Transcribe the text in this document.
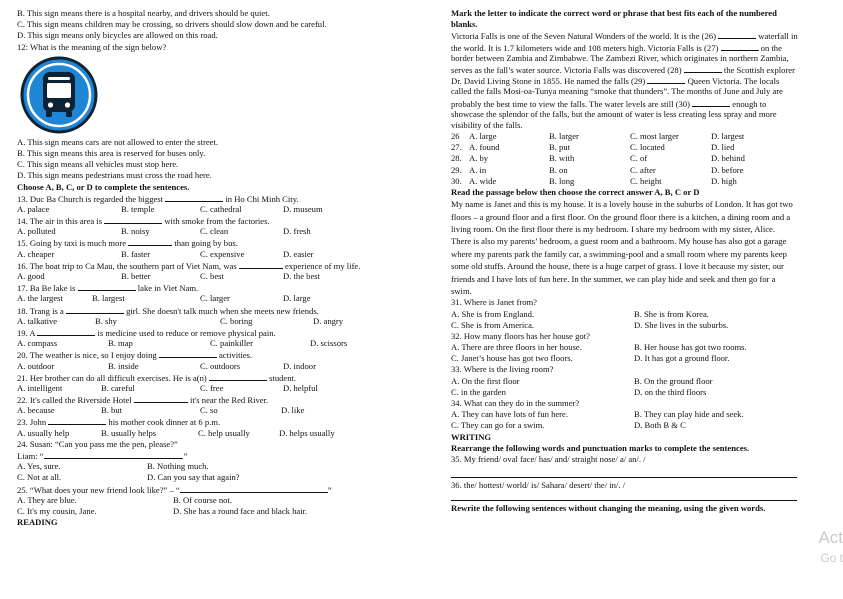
B. This sign means there is a hospital nearby, and drivers should be quiet.
C. This sign means children may be crossing, so drivers should slow down and be careful.
D. This sign means only bicycles are allowed on this road.
12: What is the meaning of the sign below?
A. This sign means cars are not allowed to enter the street.
B. This sign means this area is reserved for buses only.
C. This sign means all vehicles must stop here.
D. This sign means pedestrians must cross the road here.
Choose A, B, C, or D to complete the sentences.
13. Duc Ba Church is regarded the biggest	in Ho Chi Minh City.
A. palace	B. temple	C. cathedral	D. museum
14. The air in this area is	with smoke from the factories.
A. polluted	B. noisy	C. clean	D. fresh
15. Going by taxi is much more	than going by bus.
A. cheaper	B. faster	C. expensive	D. easier
16. The boat trip to Ca Mau, the southern part of Viet Nam, was	experience of my life.
A. good	B. better	C. best	D. the best
17. Ba Be lake is	lake in Viet Nam.
A. the largest	B. largest	C. larger	D. large
18. Trang is a	girl. She doesn't talk much when she meets new friends.
A. talkative	B. shy	C. boring	D. angry
19. A	is medicine used to reduce or remove physical pain.
A. compass	B. map	C. painkiller	D. scissors
20. The weather is nice, so I enjoy doing	activities.
A. outdoor	B. inside	C. outdoors	D. indoor
21. Her brother can do all difficult exercises. He is a(n)	student.
A. intelligent	B. careful	C. free	D. helpful
22. It's called the Riverside Hotel	it's near the Red River.
A. because	B. but	C. so	D. like
23. John	his mother cook dinner at 6 p.m.
A. usually help	B. usually helps	C. help usually	D. helps usually
24. Susan: “Can you pass me the pen, please?”
Liam: “	.”
A. Yes, sure.	B. Nothing much.
C. Not at all.	D. Can you say that again?
25. “What does your new friend look like?” – “	”
A. They are blue.	B. Of course not.
C. It's my cousin, Jane.	D. She has a round face and black hair.
READING
Mark the letter to indicate the correct word or phrase that best fits each of the numbered
blanks.
Victoria Falls is one of the Seven Natural Wonders of the world. It is the (26)	waterfall in
the world. It is 1.7 kilometers wide and 108 meters high. Victoria Falls is (27)	on the
border between Zambia and Zimbabwe. The Zambezi River, which originates in northern Zambia,
serves as the fall’s water source. Victoria Falls was discovered (28)	the Scottish explorer
Dr. David Living Stone in 1855. He named the falls (29)	Queen Victoria. The locals
called the falls Mosi-oa-Tunya meaning “smoke that thunders”. The months of June and July are
probably the best time to view the falls. The water levels are still (30)	enough to
showcase the splendor of the falls, but the amount of water is less creating less spray and more
visibility of the falls.
26 A. large	B. larger	C. most larger	D. largest
27. A. found	B. put	C. located	D. lied
28. A. by	B. with	C. of	D. behind
29. A. in	B. on	C. after	D. before
30. A. wide	B. long	C. height	D. high
Read the passage below then choose the correct answer A, B, C or D
My name is Janet and this is my house. It is a lovely house in the suburbs of London. It has got two
floors – a ground floor and a first floor. On the ground floor there is a kitchen, a dining room and a
living room. On the first floor there is my bedroom. I share my bedroom with my sister, Alice.
There is also my parents’ bedroom, a guest room and a bathroom. My house has also got a garage
where my parents park the family car, a swimming-pool and a small room where my parents keep
some old stuffs. Around the house, there is a huge carpet of grass. I love it because my sister, our
friends and I have lots of fun here. In the summer, we can play hide and seek and then go for a
swim.
31. Where is Janet from?
A. She is from England.	B. She is from Korea.
C. She is from America.	D. She lives in the suburbs.
32. How many floors has her house got?
A. There are three floors in her house.	B. Her house has got two rooms.
C. Janet’s house has got two floors.	D. It has got a ground floor.
33. Where is the living room?
A. On the first floor	B. On the ground floor
C. in the garden	D. on the third floors
34. What can they do in the summer?
A. They can have lots of fun here.	B. They can play hide and seek.
C. They can go for a swim.	D. Both B & C
WRITING
Rearrange the following words and punctuation marks to complete the sentences.
35. My friend/ oval face/ has/ and/ straight nose/ a/ an/. /
36. the/ hottest/ world/ is/ Sahara/ desert/ the/ in/. /
Rewrite the following sentences without changing the meaning, using the given words.
Act
Go t
